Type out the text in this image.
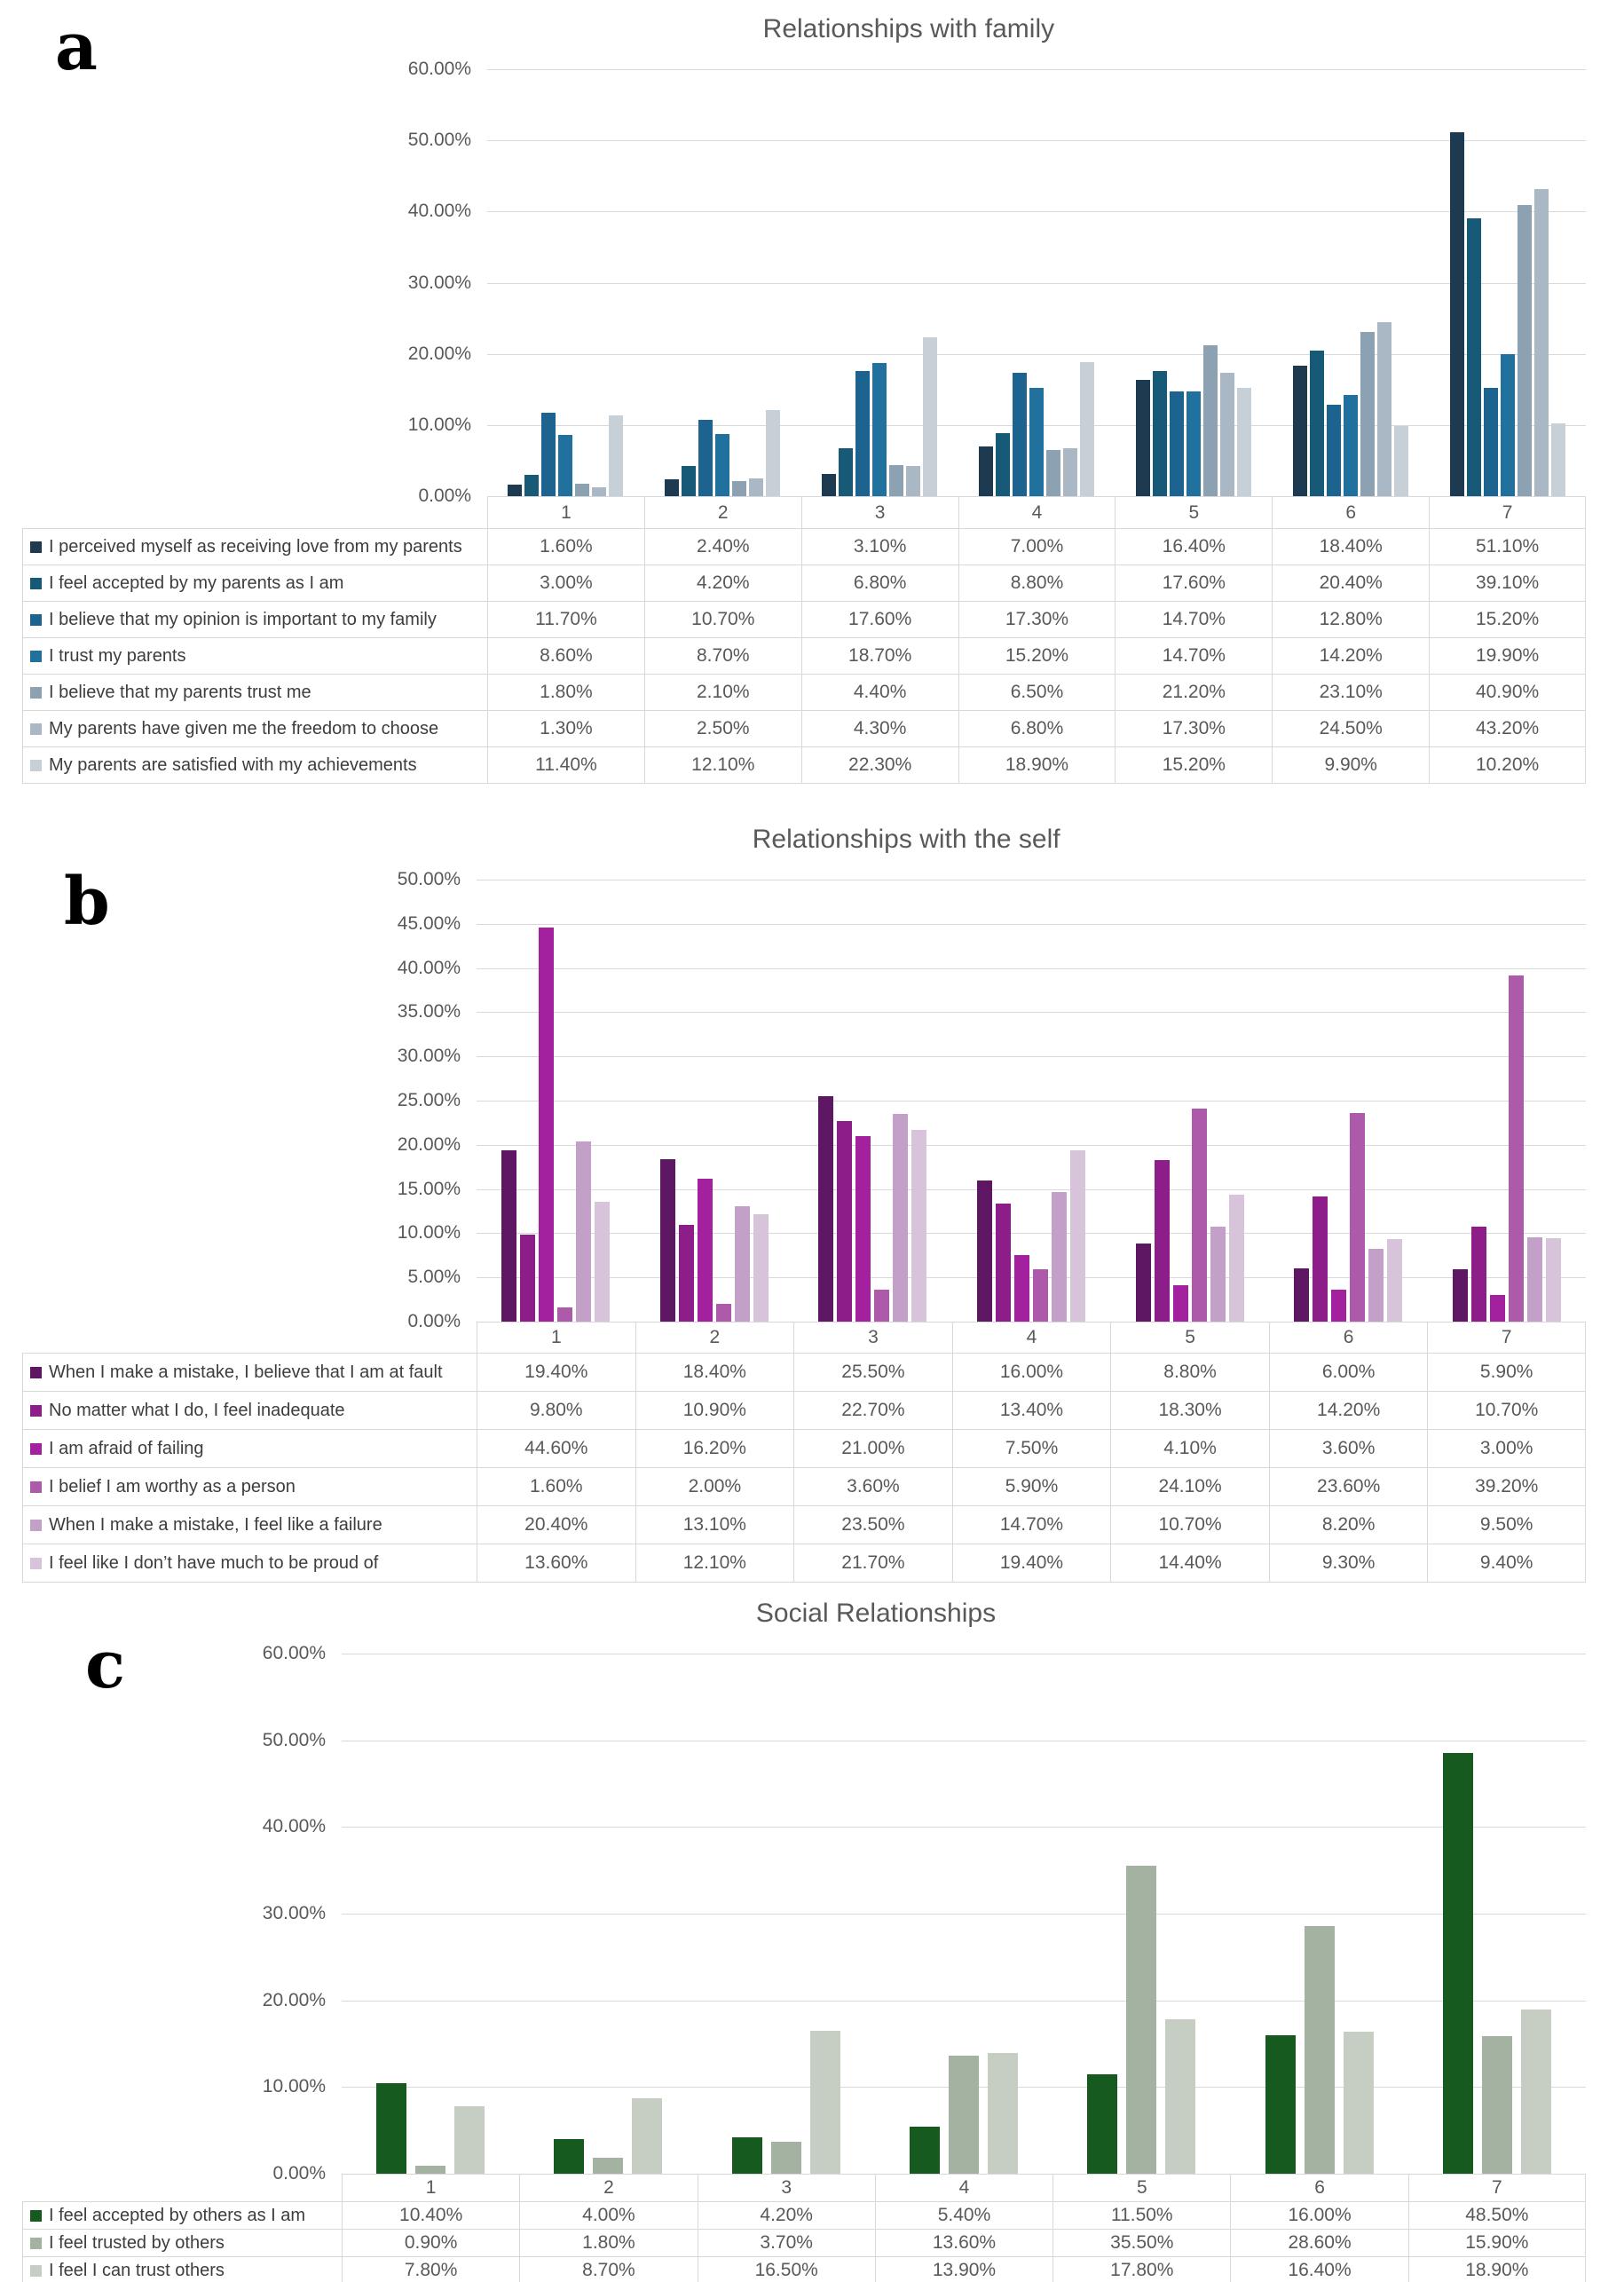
a	Relationships with family
60.00%
50.00%
40.00%
30.00%
20.00%
10.00%
0.00%
1	2	3	4	5	6	7
I perceived myself as receiving love from my parents	1.60%	2.40%	3.10%	7.00%	16.40%	18.40%	51.10%
I feel accepted by my parents as I am	3.00%	4.20%	6.80%	8.80%	17.60%	20.40%	39.10%
I believe that my opinion is important to my family	11.70%	10.70%	17.60%	17.30%	14.70%	12.80%	15.20%
I trust my parents	8.60%	8.70%	18.70%	15.20%	14.70%	14.20%	19.90%
I believe that my parents trust me	1.80%	2.10%	4.40%	6.50%	21.20%	23.10%	40.90%
My parents have given me the freedom to choose	1.30%	2.50%	4.30%	6.80%	17.30%	24.50%	43.20%
My parents are satisfied with my achievements	11.40%	12.10%	22.30%	18.90%	15.20%	9.90%	10.20%
b
Relationships with the self
50.00%
45.00%
40.00%
35.00%
30.00%
25.00%
20.00%
15.00%
10.00%
5.00%
0.00%
1	2	3	4	5	6	7
When I make a mistake, I believe that I am at fault	19.40%	18.40%	25.50%	16.00%	8.80%	6.00%	5.90%
No matter what I do, I feel inadequate	9.80%	10.90%	22.70%	13.40%	18.30%	14.20%	10.70%
I am afraid of failing	44.60%	16.20%	21.00%	7.50%	4.10%	3.60%	3.00%
I belief I am worthy as a person	1.60%	2.00%	3.60%	5.90%	24.10%	23.60%	39.20%
When I make a mistake, I feel like a failure	20.40%	13.10%	23.50%	14.70%	10.70%	8.20%	9.50%
I feel like I don’t have much to be proud of	13.60%	12.10%	21.70%	19.40%	14.40%	9.30%	9.40%
c
Social Relationships
60.00%
50.00%
40.00%
30.00%
20.00%
10.00%
0.00%
1	2	3	4	5	6	7
I feel accepted by others as I am	10.40%	4.00%	4.20%	5.40%	11.50%	16.00%	48.50%
I feel trusted by others	0.90%	1.80%	3.70%	13.60%	35.50%	28.60%	15.90%
I feel I can trust others	7.80%	8.70%	16.50%	13.90%	17.80%	16.40%	18.90%
